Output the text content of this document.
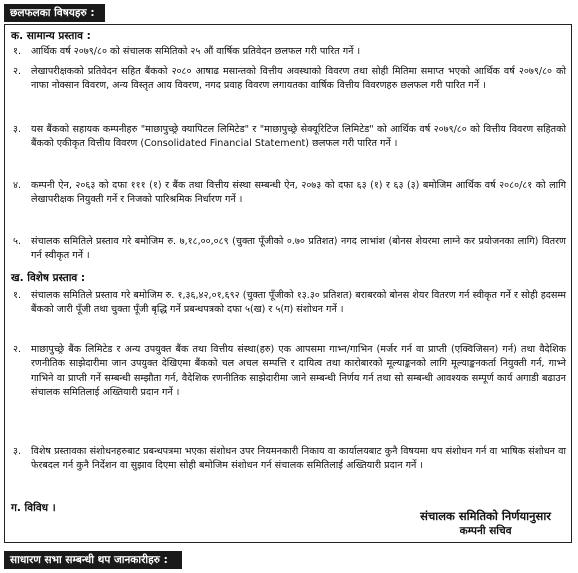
छलफलका विषयहरु :
क. सामान्य प्रस्ताव :
१. आर्थिक वर्ष २०७९/८० को संचालक समितिको २५ औं वार्षिक प्रतिवेदन छलफल गरी पारित गर्ने ।
२. लेखापरीक्षकको प्रतिवेदन सहित बैंकको २०८० आषाढ मसान्तको वित्तीय अवस्थाको विवरण तथा सोही मितिमा समाप्त भएको आर्थिक वर्ष २०७९/८० को नाफा नोक्सान विवरण, अन्य विस्तृत आय विवरण, नगद प्रवाह विवरण लगायतका वार्षिक वित्तीय विवरणहरु छलफल गरी पारित गर्ने ।
३. यस बैंकको सहायक कम्पनीहरु "माछापुच्छ्रे क्यापिटल लिमिटेड" र "माछापुच्छ्रे सेक्यूरिटिज लिमिटेड" को आर्थिक वर्ष २०७९/८० को वित्तीय विवरण सहितको बैंकको एकीकृत वित्तीय विवरण (Consolidated Financial Statement) छलफल गरी पारित गर्ने ।
४. कम्पनी ऐन, २०६३ को दफा १११ (१) र बैंक तथा वित्तीय संस्था सम्बन्धी ऐन, २०७३ को दफा ६३ (१) र ६३ (३) बमोजिम आर्थिक वर्ष २०८०/८१ को लागि लेखापरीक्षक नियुक्ती गर्ने र निजको पारिश्रमिक निर्धारण गर्ने ।
५. संचालक समितिले प्रस्ताव गरे बमोजिम रु. ७,१८,००,०८९ (चुक्ता पूँजीको ०.७० प्रतिशत) नगद लाभांश (बोनस शेयरमा लाग्ने कर प्रयोजनका लागि) वितरण गर्न स्वीकृत गर्ने ।
ख. विशेष प्रस्ताव :
१. संचालक समितिले प्रस्ताव गरे बमोजिम रु. १,३६,४२,०१,६९२ (चुक्ता पूँजीको १३.३० प्रतिशत) बराबरको बोनस शेयर वितरण गर्न स्वीकृत गर्ने र सोही हदसम्म बैंकको जारी पूँजी तथा चुक्ता पूँजी बृद्धि गर्ने प्रबन्धपत्रको दफा ५(ख) र ५(ग) संशोधन गर्ने ।
२. माछापुच्छ्रे बैंक लिमिटेड र अन्य उपयुक्त बैंक तथा वित्तीय संस्था(हरु) एक आपसमा गाभ्न/गाभिन (मर्जर गर्न वा प्राप्ती (एक्विजिसन) गर्न) तथा वैदेशिक रणनीतिक साझेदारीमा जान उपयुक्त देखिएमा बैंकको चल अचल सम्पत्ति र दायित्व तथा कारोबारको मूल्याङ्कनको लागि मूल्याङ्कनकर्ता नियुक्ती गर्न, गाभ्ने गाभिने वा प्राप्ती गर्ने सम्बन्धी सम्झौता गर्न, वैदेशिक रणनीतिक साझेदारीमा जाने सम्बन्धी निर्णय गर्न तथा सो सम्बन्धी आवश्यक सम्पूर्ण कार्य अगाडी बढाउन संचालक समितिलाई अख्तियारी प्रदान गर्ने ।
३. विशेष प्रस्तावका संशोधनहरुबाट प्रबन्धपत्रमा भएका संशोधन उपर नियमनकारी निकाय वा कार्यालयबाट कुनै विषयमा थप संशोधन गर्न वा भाषिक संशोधन वा फेरबदल गर्न कुनै निर्देशन वा सुझाव दिएमा सोही बमोजिम संशोधन गर्न संचालक समितिलाई अख्तियारी प्रदान गर्ने ।
ग. विविध ।
संचालक समितिको निर्णयानुसार
कम्पनी सचिव
साधारण सभा सम्बन्धी थप जानकारीहरु :
